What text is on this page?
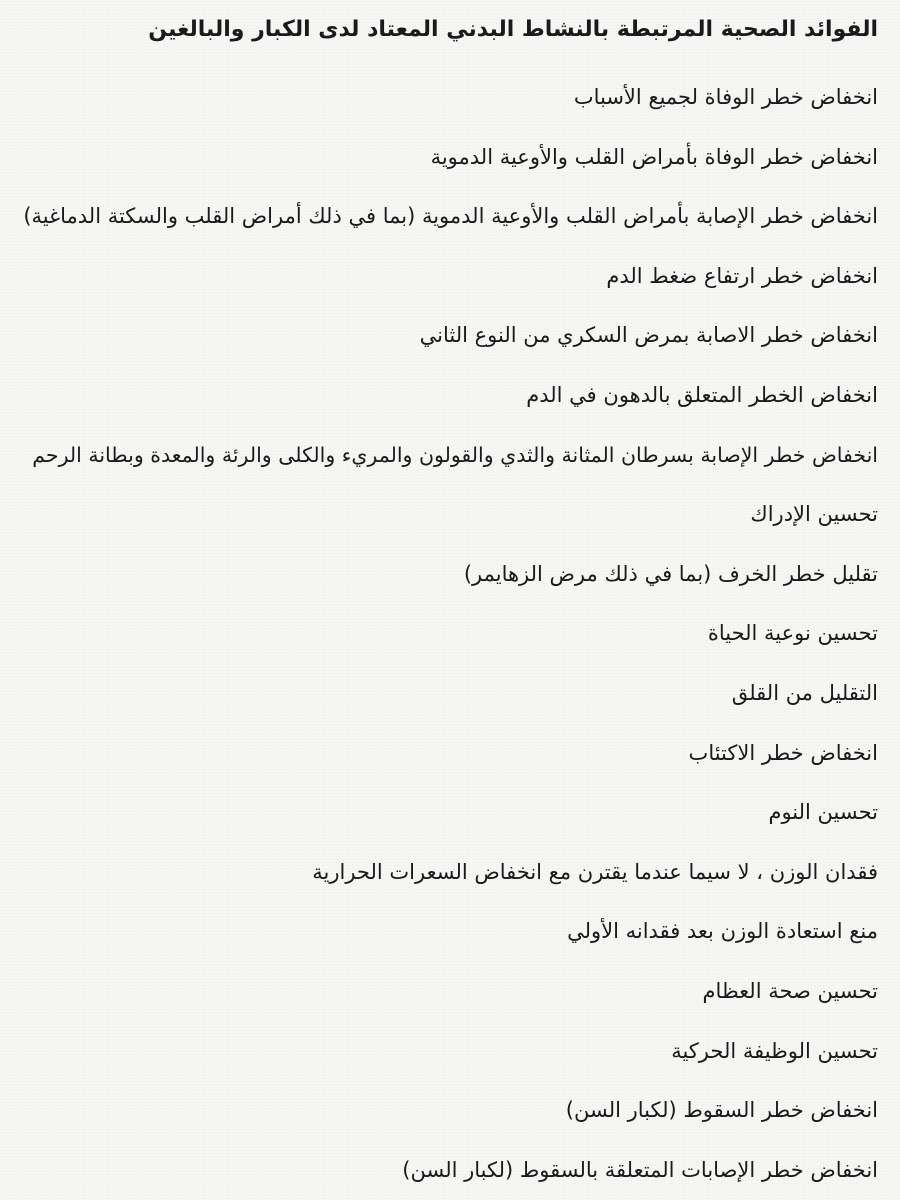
الفوائد الصحية المرتبطة بالنشاط البدني المعتاد لدى الكبار والبالغين
انخفاض خطر الوفاة لجميع الأسباب
انخفاض خطر الوفاة بأمراض القلب والأوعية الدموية
انخفاض خطر الإصابة بأمراض القلب والأوعية الدموية (بما في ذلك أمراض القلب والسكتة الدماغية)
انخفاض خطر ارتفاع ضغط الدم
انخفاض خطر الاصابة بمرض السكري من النوع الثاني
انخفاض الخطر المتعلق بالدهون في الدم
انخفاض خطر الإصابة بسرطان المثانة والثدي والقولون والمريء والكلى والرئة والمعدة وبطانة الرحم
تحسين الإدراك
تقليل خطر الخرف (بما في ذلك مرض الزهايمر)
تحسين نوعية الحياة
التقليل من القلق
انخفاض خطر الاكتئاب
تحسين النوم
فقدان الوزن ، لا سيما عندما يقترن مع انخفاض السعرات الحرارية
منع استعادة الوزن بعد فقدانه الأولي
تحسين صحة العظام
تحسين الوظيفة الحركية
انخفاض خطر السقوط (لكبار السن)
انخفاض خطر الإصابات المتعلقة بالسقوط (لكبار السن)
